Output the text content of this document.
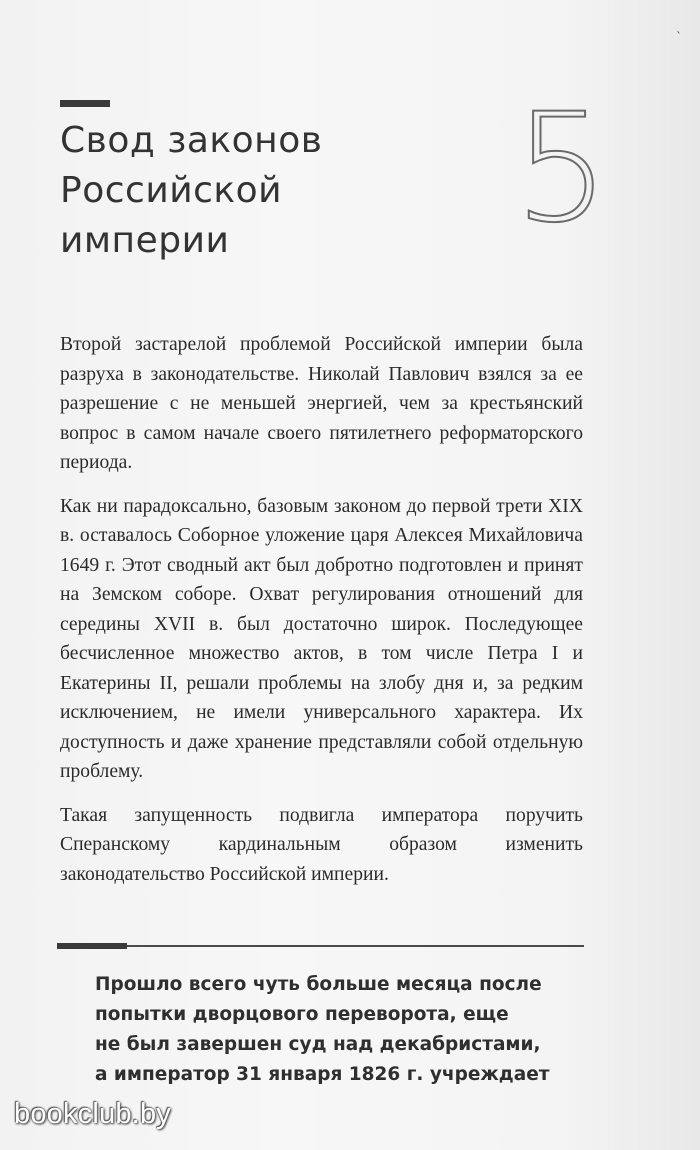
`
Свод законов
Российской
империи	5

Второй застарелой проблемой Российской империи была разруха в законодательстве. Николай Павлович взялся за ее разрешение с не меньшей энергией, чем за крестьянский вопрос в самом начале своего пятилетнего реформаторского периода.

Как ни парадоксально, базовым законом до первой трети XIX в. оставалось Соборное уложение царя Алексея Михайловича 1649 г. Этот сводный акт был добротно подготовлен и принят на Земском соборе. Охват регулирования отношений для середины XVII в. был достаточно широк. Последующее бесчисленное множество актов, в том числе Петра I и Екатерины II, решали проблемы на злобу дня и, за редким исключением, не имели универсального характера. Их доступность и даже хранение представляли собой отдельную проблему.

Такая запущенность подвигла императора поручить Сперанскому кардинальным образом изменить законодательство Российской империи.

Прошло всего чуть больше месяца после
попытки дворцового переворота, еще
не был завершен суд над декабристами,
а император 31 января 1826 г. учреждает
bookclub.by
